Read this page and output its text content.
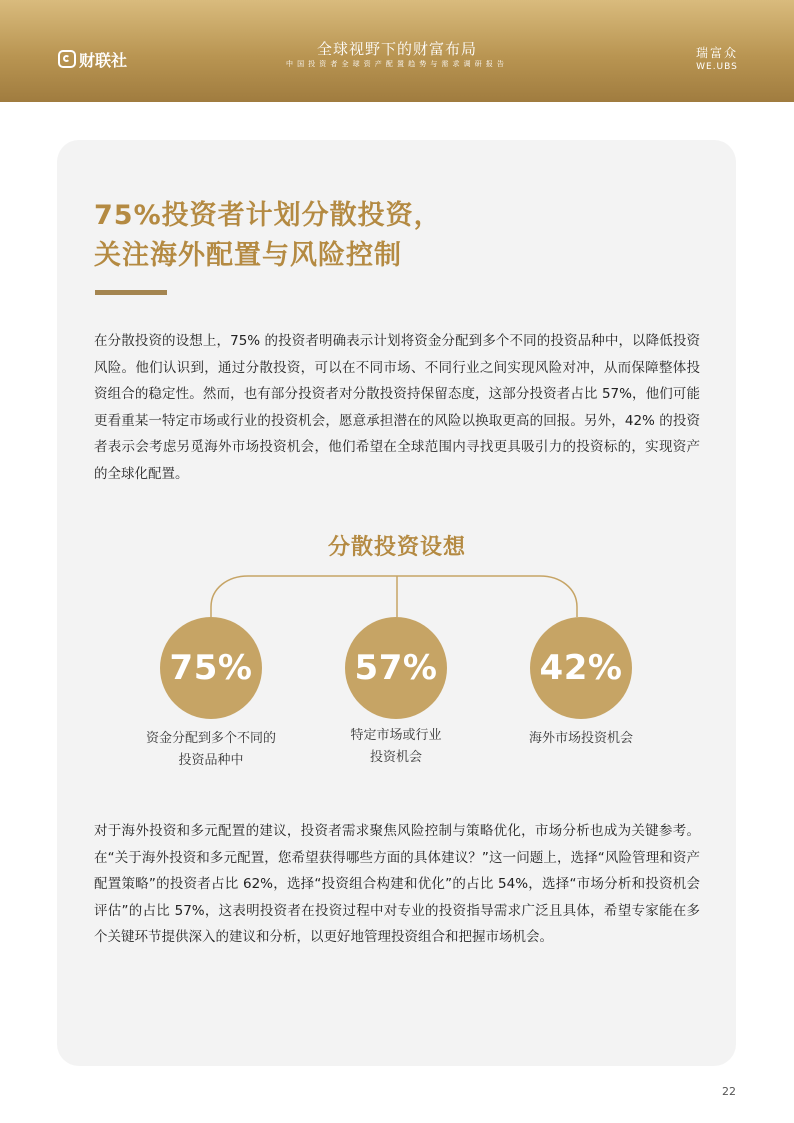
财联社
全球视野下的财富布局
中国投资者全球资产配置趋势与需求调研报告
瑞富众
WE.UBS
75%投资者计划分散投资，
关注海外配置与风险控制

在分散投资的设想上，75% 的投资者明确表示计划将资金分配到多个不同的投资品种中，以降低投资风险。他们认识到，通过分散投资，可以在不同市场、不同行业之间实现风险对冲，从而保障整体投资组合的稳定性。然而，也有部分投资者对分散投资持保留态度，这部分投资者占比 57%，他们可能更看重某一特定市场或行业的投资机会，愿意承担潜在的风险以换取更高的回报。另外，42% 的投资者表示会考虑另觅海外市场投资机会，他们希望在全球范围内寻找更具吸引力的投资标的，实现资产的全球化配置。

分散投资设想
75%	57%	42%
资金分配到多个不同的
投资品种中
特定市场或行业
投资机会
海外市场投资机会

对于海外投资和多元配置的建议，投资者需求聚焦风险控制与策略优化，市场分析也成为关键参考。在“关于海外投资和多元配置，您希望获得哪些方面的具体建议？”这一问题上，选择“风险管理和资产配置策略”的投资者占比 62%，选择“投资组合构建和优化”的占比 54%，选择“市场分析和投资机会评估”的占比 57%，这表明投资者在投资过程中对专业的投资指导需求广泛且具体，希望专家能在多个关键环节提供深入的建议和分析，以更好地管理投资组合和把握市场机会。

22
